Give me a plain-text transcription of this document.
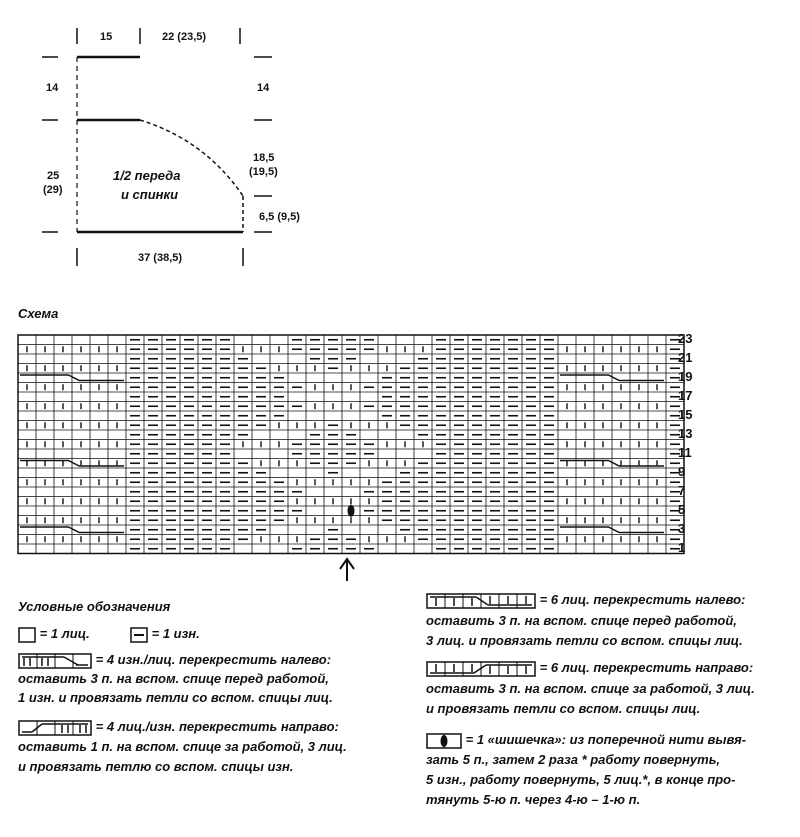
15	22 (23,5)
14	14
25
(29)
18,5
(19,5)
6,5 (9,5)
37 (38,5)
1/2 переда
и спинки
Схема
23
21
19
17
15
13
11
9
7
5
3
1
Условные обозначения
= 1 лиц.	= 1 изн.
= 4 изн./лиц. перекрестить налево:
оставить 3 п. на вспом. спице перед работой,
1 изн. и провязать петли со вспом. спицы лиц.
= 4 лиц./изн. перекрестить направо:
оставить 1 п. на вспом. спице за работой, 3 лиц.
и провязать петлю со вспом. спицы изн.
= 6 лиц. перекрестить налево:
оставить 3 п. на вспом. спице перед работой,
3 лиц. и провязать петли со вспом. спицы лиц.
= 6 лиц. перекрестить направо:
оставить 3 п. на вспом. спице за работой, 3 лиц.
и провязать петли со вспом. спицы лиц.
= 1 «шишечка»: из поперечной нити вывя-
зать 5 п., затем 2 раза * работу повернуть,
5 изн., работу повернуть, 5 лиц.*, в конце про-
тянуть 5-ю п. через 4-ю – 1-ю п.
